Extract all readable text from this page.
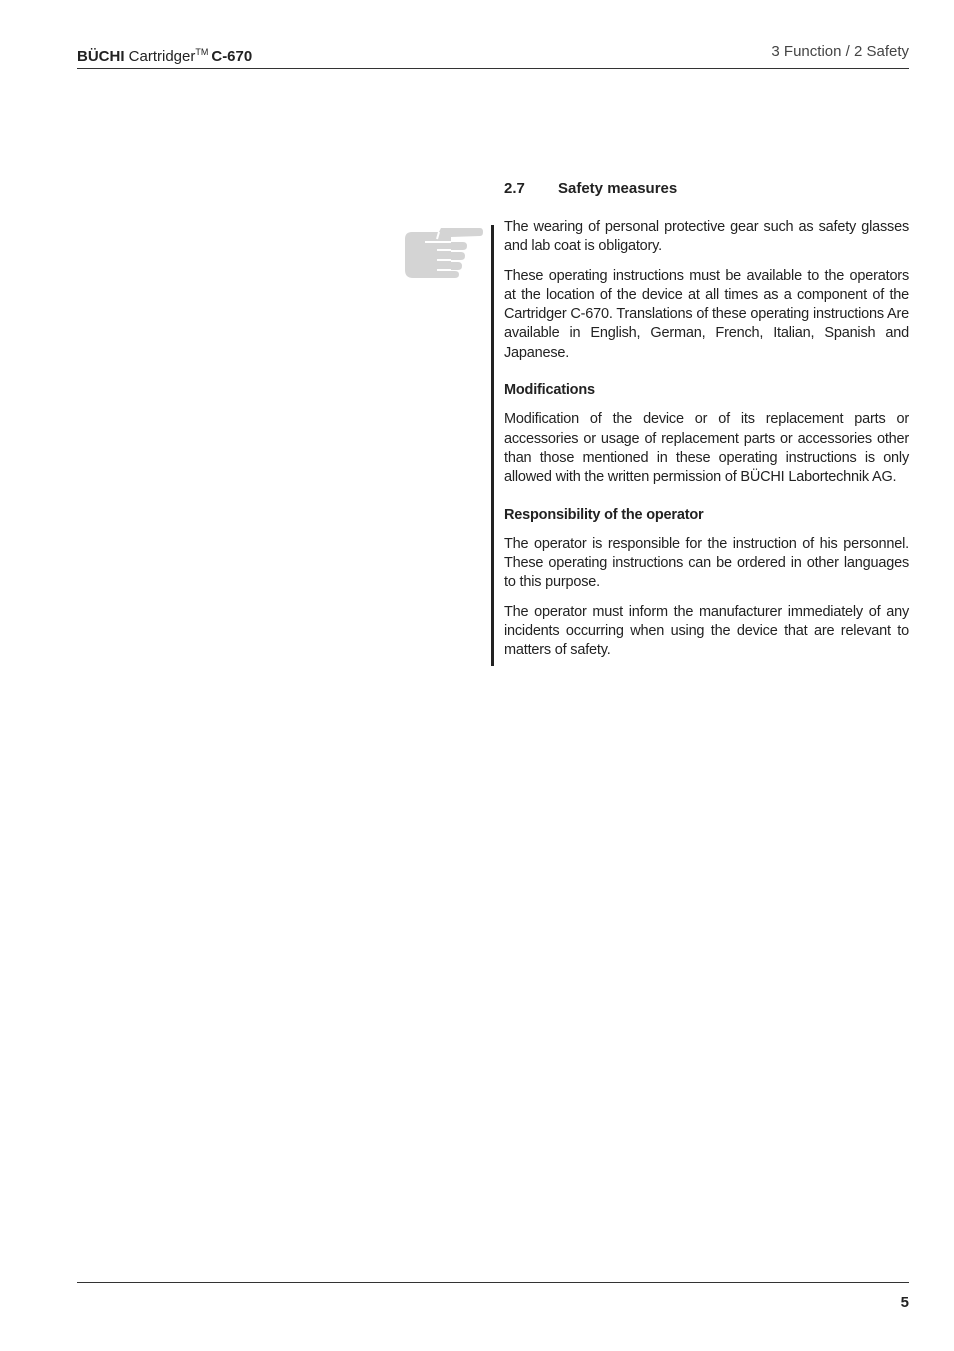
BÜCHI Cartridger™ C-670	3 Function / 2 Safety
2.7 Safety measures

The wearing of personal protective gear such as safety glasses and lab coat is obligatory.

These operating instructions must be available to the operators at the location of the device at all times as a component of the Cartridger C-670. Translations of these operating instructions Are available in English, German, French, Italian, Spanish and Japanese.

Modifications

Modification of the device or of its replacement parts or accessories or usage of replacement parts or accessories other than those mentioned in these operating instructions is only allowed with the written permission of BÜCHI Labortechnik AG.

Responsibility of the operator

The operator is responsible for the instruction of his personnel. These operating instructions can be ordered in other languages to this purpose.

The operator must inform the manufacturer immediately of any incidents occurring when using the device that are relevant to matters of safety.

5
